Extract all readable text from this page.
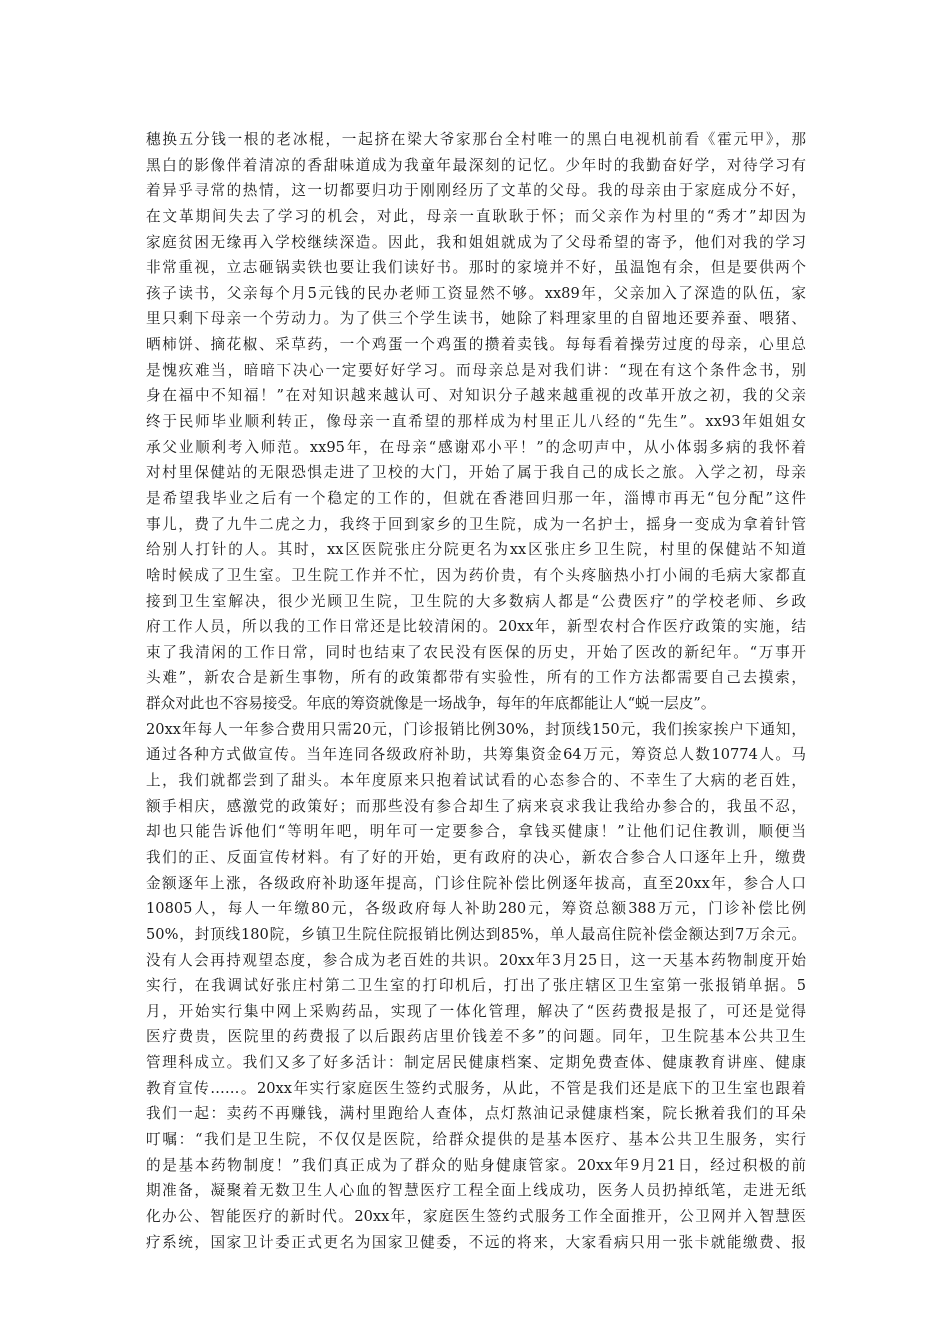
穗换五分钱一根的老冰棍，一起挤在梁大爷家那台全村唯一的黑白电视机前看《霍元甲》，那
黑白的影像伴着清凉的香甜味道成为我童年最深刻的记忆。少年时的我勤奋好学，对待学习有
着异乎寻常的热情，这一切都要归功于刚刚经历了文革的父母。我的母亲由于家庭成分不好，
在文革期间失去了学习的机会，对此，母亲一直耿耿于怀；而父亲作为村里的“秀才”却因为
家庭贫困无缘再入学校继续深造。因此，我和姐姐就成为了父母希望的寄予，他们对我的学习
非常重视，立志砸锅卖铁也要让我们读好书。那时的家境并不好，虽温饱有余，但是要供两个
孩子读书，父亲每个月5元钱的民办老师工资显然不够。xx89年，父亲加入了深造的队伍，家
里只剩下母亲一个劳动力。为了供三个学生读书，她除了料理家里的自留地还要养蚕、喂猪、
晒柿饼、摘花椒、采草药，一个鸡蛋一个鸡蛋的攒着卖钱。每每看着操劳过度的母亲，心里总
是愧疚难当，暗暗下决心一定要好好学习。而母亲总是对我们讲：“现在有这个条件念书，别
身在福中不知福！”在对知识越来越认可、对知识分子越来越重视的改革开放之初，我的父亲
终于民师毕业顺利转正，像母亲一直希望的那样成为村里正儿八经的“先生”。xx93年姐姐女
承父业顺利考入师范。xx95年，在母亲“感谢邓小平！”的念叨声中，从小体弱多病的我怀着
对村里保健站的无限恐惧走进了卫校的大门，开始了属于我自己的成长之旅。入学之初，母亲
是希望我毕业之后有一个稳定的工作的，但就在香港回归那一年，淄博市再无“包分配”这件
事儿，费了九牛二虎之力，我终于回到家乡的卫生院，成为一名护士，摇身一变成为拿着针管
给别人打针的人。其时，xx区医院张庄分院更名为xx区张庄乡卫生院，村里的保健站不知道
啥时候成了卫生室。卫生院工作并不忙，因为药价贵，有个头疼脑热小打小闹的毛病大家都直
接到卫生室解决，很少光顾卫生院，卫生院的大多数病人都是“公费医疗”的学校老师、乡政
府工作人员，所以我的工作日常还是比较清闲的。20xx年，新型农村合作医疗政策的实施，结
束了我清闲的工作日常，同时也结束了农民没有医保的历史，开始了医改的新纪年。“万事开
头难”，新农合是新生事物，所有的政策都带有实验性，所有的工作方法都需要自己去摸索，
群众对此也不容易接受。年底的筹资就像是一场战争，每年的年底都能让人“蜕一层皮”。
20xx年每人一年参合费用只需20元，门诊报销比例30%，封顶线150元，我们挨家挨户下通知，
通过各种方式做宣传。当年连同各级政府补助，共筹集资金64万元，筹资总人数10774人。马
上，我们就都尝到了甜头。本年度原来只抱着试试看的心态参合的、不幸生了大病的老百姓，
额手相庆，感激党的政策好；而那些没有参合却生了病来哀求我让我给办参合的，我虽不忍，
却也只能告诉他们“等明年吧，明年可一定要参合，拿钱买健康！”让他们记住教训，顺便当
我们的正、反面宣传材料。有了好的开始，更有政府的决心，新农合参合人口逐年上升，缴费
金额逐年上涨，各级政府补助逐年提高，门诊住院补偿比例逐年拔高，直至20xx年，参合人口
10805人，每人一年缴80元，各级政府每人补助280元，筹资总额388万元，门诊补偿比例
50%，封顶线180院，乡镇卫生院住院报销比例达到85%，单人最高住院补偿金额达到7万余元。
没有人会再持观望态度，参合成为老百姓的共识。20xx年3月25日，这一天基本药物制度开始
实行，在我调试好张庄村第二卫生室的打印机后，打出了张庄辖区卫生室第一张报销单据。5
月，开始实行集中网上采购药品，实现了一体化管理，解决了“医药费报是报了，可还是觉得
医疗费贵，医院里的药费报了以后跟药店里价钱差不多”的问题。同年，卫生院基本公共卫生
管理科成立。我们又多了好多活计：制定居民健康档案、定期免费查体、健康教育讲座、健康
教育宣传……。20xx年实行家庭医生签约式服务，从此，不管是我们还是底下的卫生室也跟着
我们一起：卖药不再赚钱，满村里跑给人查体，点灯熬油记录健康档案，院长揪着我们的耳朵
叮嘱：“我们是卫生院，不仅仅是医院，给群众提供的是基本医疗、基本公共卫生服务，实行
的是基本药物制度！”我们真正成为了群众的贴身健康管家。20xx年9月21日，经过积极的前
期准备，凝聚着无数卫生人心血的智慧医疗工程全面上线成功，医务人员扔掉纸笔，走进无纸
化办公、智能医疗的新时代。20xx年，家庭医生签约式服务工作全面推开，公卫网并入智慧医
疗系统，国家卫计委正式更名为国家卫健委，不远的将来，大家看病只用一张卡就能缴费、报
